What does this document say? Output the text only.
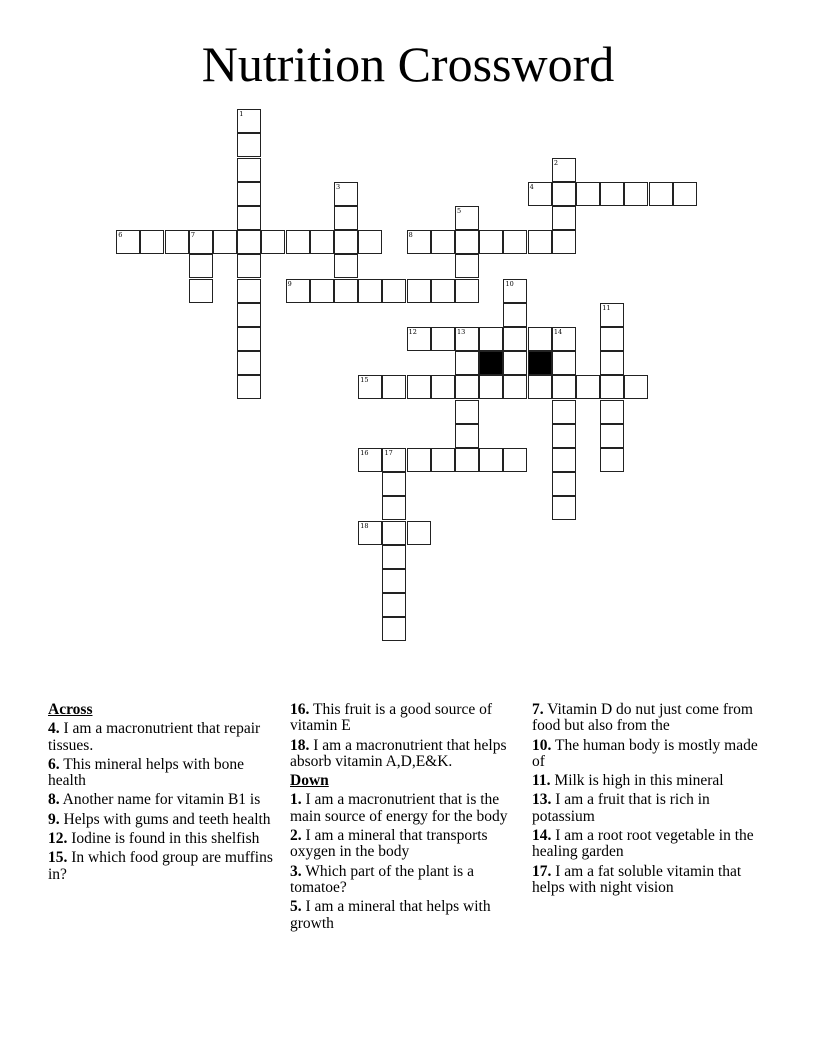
Nutrition Crossword
1
2
3	4
5
6	7	8
9	10
11
12	13	14
15
16 17
18
Across
4. I am a macronutrient that repair tissues.
6. This mineral helps with bone health
8. Another name for vitamin B1 is
9. Helps with gums and teeth health
12. Iodine is found in this shelfish
15. In which food group are muffins in?
16. This fruit is a good source of vitamin E
18. I am a macronutrient that helps absorb vitamin A,D,E&K.
Down
1. I am a macronutrient that is the main source of energy for the body
2. I am a mineral that transports oxygen in the body
3. Which part of the plant is a tomatoe?
5. I am a mineral that helps with growth
7. Vitamin D do nut just come from food but also from the
10. The human body is mostly made of
11. Milk is high in this mineral
13. I am a fruit that is rich in potassium
14. I am a root root vegetable in the healing garden
17. I am a fat soluble vitamin that helps with night vision
